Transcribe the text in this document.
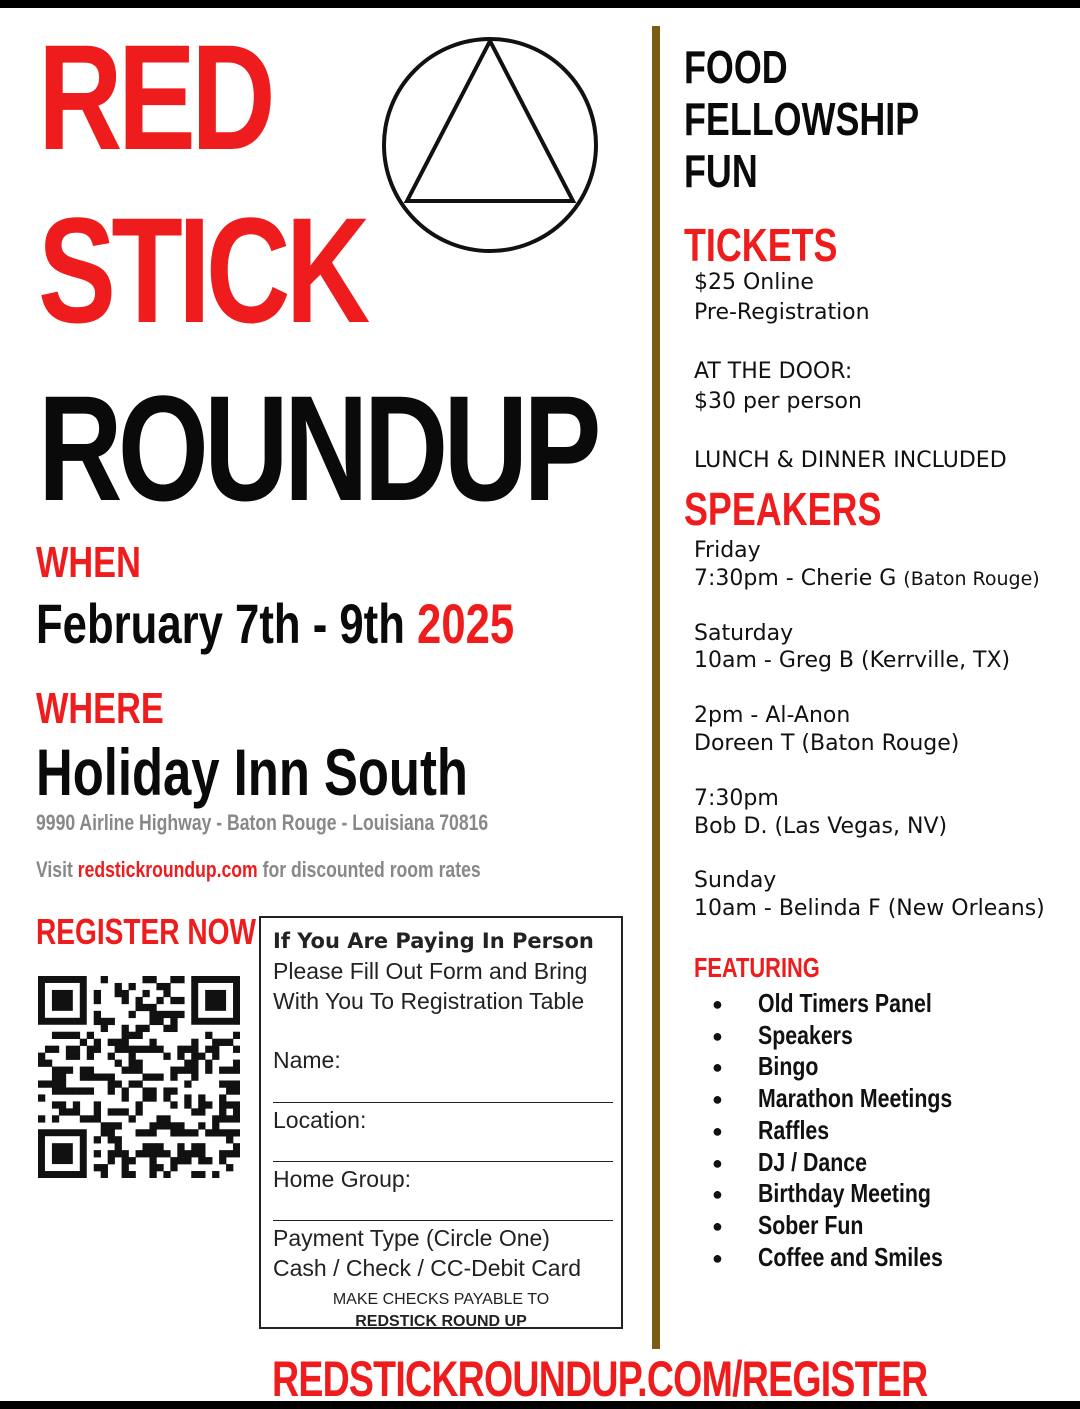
RED
STICK
ROUNDUP
WHEN
February 7th - 9th 2025
WHERE
Holiday Inn South
9990 Airline Highway - Baton Rouge - Louisiana 70816
Visit redstickroundup.com for discounted room rates
REGISTER NOW If You Are Paying In Person
Please Fill Out Form and Bring
With You To Registration Table
Name:
Location:
Home Group:
Payment Type (Circle One)
Cash / Check / CC-Debit Card
MAKE CHECKS PAYABLE TO
REDSTICK ROUND UP
FOOD
FELLOWSHIP
FUN
TICKETS
$25 Online
Pre-Registration
AT THE DOOR:
$30 per person
LUNCH & DINNER INCLUDED
SPEAKERS
Friday
7:30pm - Cherie G (Baton Rouge)
Saturday
10am - Greg B (Kerrville, TX)
2pm - Al-Anon
Doreen T (Baton Rouge)
7:30pm
Bob D. (Las Vegas, NV)
Sunday
10am - Belinda F (New Orleans)
FEATURING
● Old Timers Panel
● Speakers
● Bingo
● Marathon Meetings
● Raffles
● DJ / Dance
● Birthday Meeting
● Sober Fun
● Coffee and Smiles
REDSTICKROUNDUP.COM/REGISTER
